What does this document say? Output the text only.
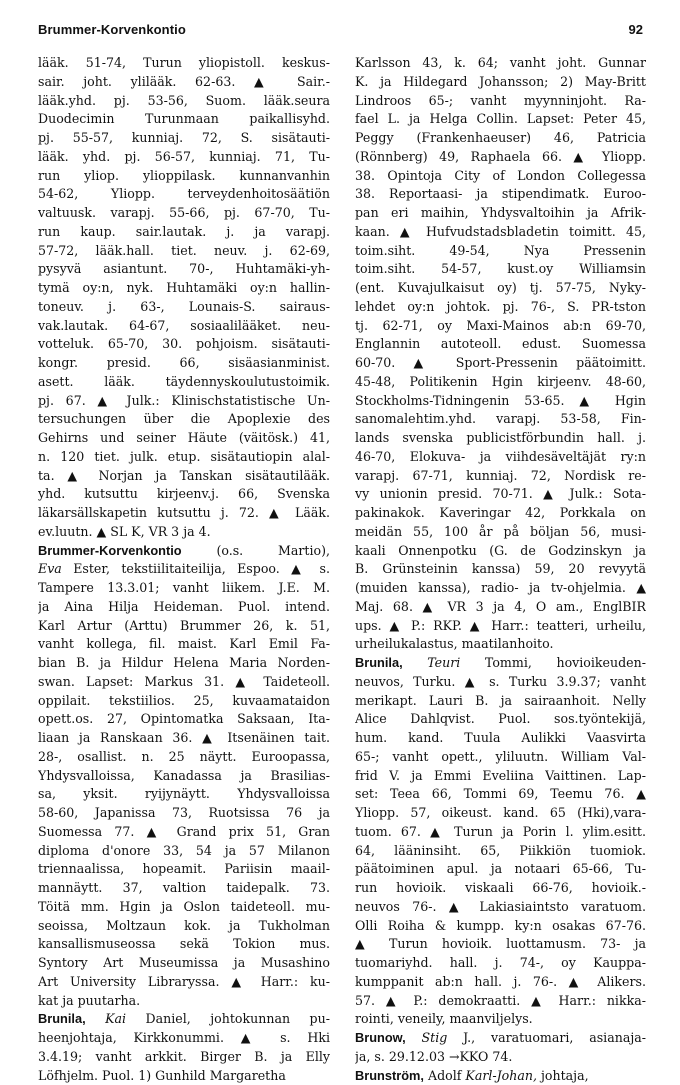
Brummer-Korvenkontio	92
lääk. 51-74, Turun yliopistoll. keskus-
sair. joht. ylilääk. 62-63. ▲ Sair.-
lääk.yhd. pj. 53-56, Suom. lääk.seura
Duodecimin Turunmaan paikallisyhd.
pj. 55-57, kunniaj. 72, S. sisätauti-
lääk. yhd. pj. 56-57, kunniaj. 71, Tu-
run yliop. ylioppilask. kunnanvanhin
54-62, Yliopp. terveydenhoitosäätiön
valtuusk. varapj. 55-66, pj. 67-70, Tu-
run kaup. sair.lautak. j. ja varapj.
57-72, lääk.hall. tiet. neuv. j. 62-69,
pysyvä asiantunt. 70-, Huhtamäki-yh-
tymä oy:n, nyk. Huhtamäki oy:n hallin-
toneuv. j. 63-, Lounais-S. sairaus-
vak.lautak. 64-67, sosiaalilääket. neu-
votteluk. 65-70, 30. pohjoism. sisätauti-
kongr. presid. 66, sisäasianminist.
asett. lääk. täydennyskoulutustoimik.
pj. 67. ▲ Julk.: Klinischstatistische Un-
tersuchungen über die Apoplexie des
Gehirns und seiner Häute (väitösk.) 41,
n. 120 tiet. julk. etup. sisätautiopin alal-
ta. ▲ Norjan ja Tanskan sisätautilääk.
yhd. kutsuttu kirjeenv.j. 66, Svenska
läkarsällskapetin kutsuttu j. 72. ▲ Lääk.
ev.luutn. ▲ SL K, VR 3 ja 4.
Brummer-Korvenkontio (o.s. Martio),
Eva Ester, tekstiilitaiteilija, Espoo. ▲ s.
Tampere 13.3.01; vanht liikem. J.E. M.
ja Aina Hilja Heideman. Puol. intend.
Karl Artur (Arttu) Brummer 26, k. 51,
vanht kollega, fil. maist. Karl Emil Fa-
bian B. ja Hildur Helena Maria Norden-
swan. Lapset: Markus 31. ▲ Taideteoll.
oppilait. tekstiilios. 25, kuvaamataidon
opett.os. 27, Opintomatka Saksaan, Ita-
liaan ja Ranskaan 36. ▲ Itsenäinen tait.
28-, osallist. n. 25 näytt. Euroopassa,
Yhdysvalloissa, Kanadassa ja Brasilias-
sa, yksit. ryijynäytt. Yhdysvalloissa
58-60, Japanissa 73, Ruotsissa 76 ja
Suomessa 77. ▲ Grand prix 51, Gran
diploma d'onore 33, 54 ja 57 Milanon
triennaalissa, hopeamit. Pariisin maail-
mannäytt. 37, valtion taidepalk. 73.
Töitä mm. Hgin ja Oslon taideteoll. mu-
seoissa, Moltzaun kok. ja Tukholman
kansallismuseossa sekä Tokion mus.
Syntory Art Museumissa ja Musashino
Art University Libraryssa. ▲ Harr.: ku-
kat ja puutarha.
Brunila, Kai Daniel, johtokunnan pu-
heenjohtaja, Kirkkonummi. ▲ s. Hki
3.4.19; vanht arkkit. Birger B. ja Elly
Löfhjelm. Puol. 1) Gunhild Margaretha
Karlsson 43, k. 64; vanht joht. Gunnar
K. ja Hildegard Johansson; 2) May-Britt
Lindroos 65-; vanht myynninjoht. Ra-
fael L. ja Helga Collin. Lapset: Peter 45,
Peggy (Frankenhaeuser) 46, Patricia
(Rönnberg) 49, Raphaela 66. ▲ Yliopp.
38. Opintoja City of London Collegessa
38. Reportaasi- ja stipendimatk. Euroo-
pan eri maihin, Yhdysvaltoihin ja Afrik-
kaan. ▲ Hufvudstadsbladetin toimitt. 45,
toim.siht. 49-54, Nya Pressenin
toim.siht. 54-57, kust.oy Williamsin
(ent. Kuvajulkaisut oy) tj. 57-75, Nyky-
lehdet oy:n johtok. pj. 76-, S. PR-tston
tj. 62-71, oy Maxi-Mainos ab:n 69-70,
Englannin autoteoll. edust. Suomessa
60-70. ▲ Sport-Pressenin päätoimitt.
45-48, Politikenin Hgin kirjeenv. 48-60,
Stockholms-Tidningenin 53-65. ▲ Hgin
sanomalehtim.yhd. varapj. 53-58, Fin-
lands svenska publicistförbundin hall. j.
46-70, Elokuva- ja viihdesäveltäjät ry:n
varapj. 67-71, kunniaj. 72, Nordisk re-
vy unionin presid. 70-71. ▲ Julk.: Sota-
pakinakok. Kaveringar 42, Porkkala on
meidän 55, 100 år på böljan 56, musi-
kaali Onnenpotku (G. de Godzinskyn ja
B. Grünsteinin kanssa) 59, 20 revyytä
(muiden kanssa), radio- ja tv-ohjelmia. ▲
Maj. 68. ▲ VR 3 ja 4, O am., EnglBIR
ups. ▲ P.: RKP. ▲ Harr.: teatteri, urheilu,
urheilukalastus, maatilanhoito.
Brunila, Teuri Tommi, hovioikeuden-
neuvos, Turku. ▲ s. Turku 3.9.37; vanht
merikapt. Lauri B. ja sairaanhoit. Nelly
Alice Dahlqvist. Puol. sos.työntekijä,
hum. kand. Tuula Aulikki Vaasvirta
65-; vanht opett., yliluutn. William Val-
frid V. ja Emmi Eveliina Vaittinen. Lap-
set: Teea 66, Tommi 69, Teemu 76. ▲
Yliopp. 57, oikeust. kand. 65 (Hki),vara-
tuom. 67. ▲ Turun ja Porin l. ylim.esitt.
64, lääninsiht. 65, Piikkiön tuomiok.
päätoiminen apul. ja notaari 65-66, Tu-
run hovioik. viskaali 66-76, hovioik.-
neuvos 76-. ▲ Lakiasiaintsto varatuom.
Olli Roiha & kumpp. ky:n osakas 67-76.
▲ Turun hovioik. luottamusm. 73- ja
tuomariyhd. hall. j. 74-, oy Kauppa-
kumppanit ab:n hall. j. 76-. ▲ Alikers.
57. ▲ P.: demokraatti. ▲ Harr.: nikka-
rointi, veneily, maanviljelys.
Brunow, Stig J., varatuomari, asianaja-
ja, s. 29.12.03 →KKO 74.
Brunström, Adolf Karl-Johan, johtaja,
